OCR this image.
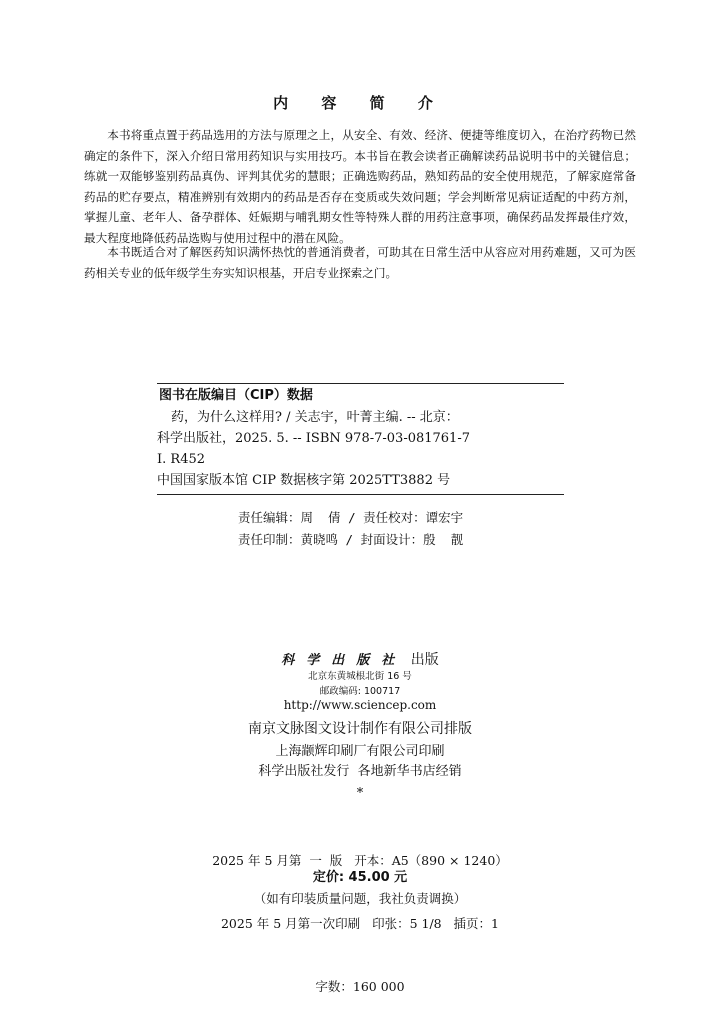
内 容 简 介

本书将重点置于药品选用的方法与原理之上，从安全、有效、经济、便捷等维度切入，在治疗药物已然确定的条件下，深入介绍日常用药知识与实用技巧。本书旨在教会读者正确解读药品说明书中的关键信息；练就一双能够鉴别药品真伪、评判其优劣的慧眼；正确选购药品，熟知药品的安全使用规范，了解家庭常备药品的贮存要点，精准辨别有效期内的药品是否存在变质或失效问题；学会判断常见病证适配的中药方剂，掌握儿童、老年人、备孕群体、妊娠期与哺乳期女性等特殊人群的用药注意事项，确保药品发挥最佳疗效，最大程度地降低药品选购与使用过程中的潜在风险。

本书既适合对了解医药知识满怀热忱的普通消费者，可助其在日常生活中从容应对用药难题，又可为医药相关专业的低年级学生夯实知识根基，开启专业探索之门。

图书在版编目（CIP）数据
药，为什么这样用? / 关志宇，叶菁主编. -- 北京：
科学出版社，2025. 5. -- ISBN 978-7-03-081761-7
Ⅰ. R452
中国国家版本馆 CIP 数据核字第 2025TT3882 号
责任编辑：周  倩 / 责任校对：谭宏宇
责任印制：黄晓鸣 / 封面设计：殷  靓
科学出版社 出版
北京东黄城根北街 16 号
邮政编码: 100717
http://www.sciencep.com
南京文脉图文设计制作有限公司排版
上海颛辉印刷厂有限公司印刷
科学出版社发行  各地新华书店经销
*

2025 年 5 月第  一  版   开本：A5（890 × 1240）

2025 年 5 月第一次印刷   印张：5 1/8   插页：1

字数：160 000

定价: 45.00 元
（如有印装质量问题，我社负责调换）
